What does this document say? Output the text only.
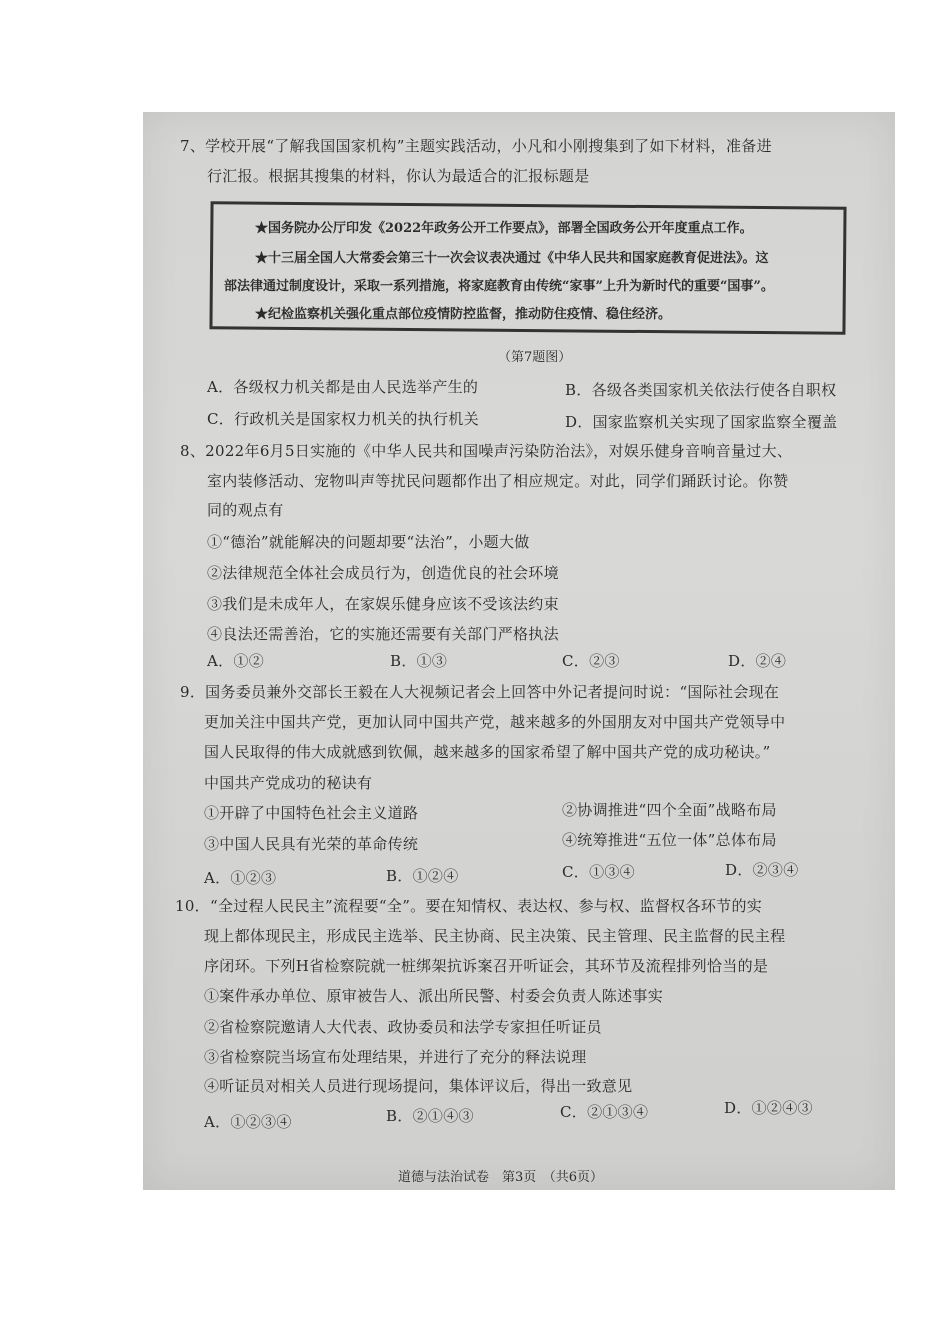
7、学校开展“了解我国国家机构”主题实践活动，小凡和小刚搜集到了如下材料，准备进
行汇报。根据其搜集的材料，你认为最适合的汇报标题是
★国务院办公厅印发《2022年政务公开工作要点》，部署全国政务公开年度重点工作。
★十三届全国人大常委会第三十一次会议表决通过《中华人民共和国家庭教育促进法》。这
部法律通过制度设计，采取一系列措施，将家庭教育由传统“家事”上升为新时代的重要“国事”。
★纪检监察机关强化重点部位疫情防控监督，推动防住疫情、稳住经济。
（第7题图）
A．各级权力机关都是由人民选举产生的	B．各级各类国家机关依法行使各自职权
C．行政机关是国家权力机关的执行机关	D．国家监察机关实现了国家监察全覆盖
8、2022年6月5日实施的《中华人民共和国噪声污染防治法》，对娱乐健身音响音量过大、
室内装修活动、宠物叫声等扰民问题都作出了相应规定。对此，同学们踊跃讨论。你赞
同的观点有
①“德治”就能解决的问题却要“法治”，小题大做
②法律规范全体社会成员行为，创造优良的社会环境
③我们是未成年人，在家娱乐健身应该不受该法约束
④良法还需善治，它的实施还需要有关部门严格执法
A．①②	B．①③	C．②③	D．②④
9．国务委员兼外交部长王毅在人大视频记者会上回答中外记者提问时说：“国际社会现在
更加关注中国共产党，更加认同中国共产党，越来越多的外国朋友对中国共产党领导中
国人民取得的伟大成就感到钦佩，越来越多的国家希望了解中国共产党的成功秘诀。”
中国共产党成功的秘诀有
①开辟了中国特色社会主义道路	②协调推进“四个全面”战略布局
③中国人民具有光荣的革命传统	④统筹推进“五位一体”总体布局
A．①②③	B．①②④	C．①③④	D．②③④
10．“全过程人民民主”流程要“全”。要在知情权、表达权、参与权、监督权各环节的实
现上都体现民主，形成民主选举、民主协商、民主决策、民主管理、民主监督的民主程
序闭环。下列H省检察院就一桩绑架抗诉案召开听证会，其环节及流程排列恰当的是
①案件承办单位、原审被告人、派出所民警、村委会负责人陈述事实
②省检察院邀请人大代表、政协委员和法学专家担任听证员
③省检察院当场宣布处理结果，并进行了充分的释法说理
④听证员对相关人员进行现场提问，集体评议后，得出一致意见
A．①②③④	B．②①④③	C．②①③④	D．①②④③
道德与法治试卷　第3页　（共6页）
